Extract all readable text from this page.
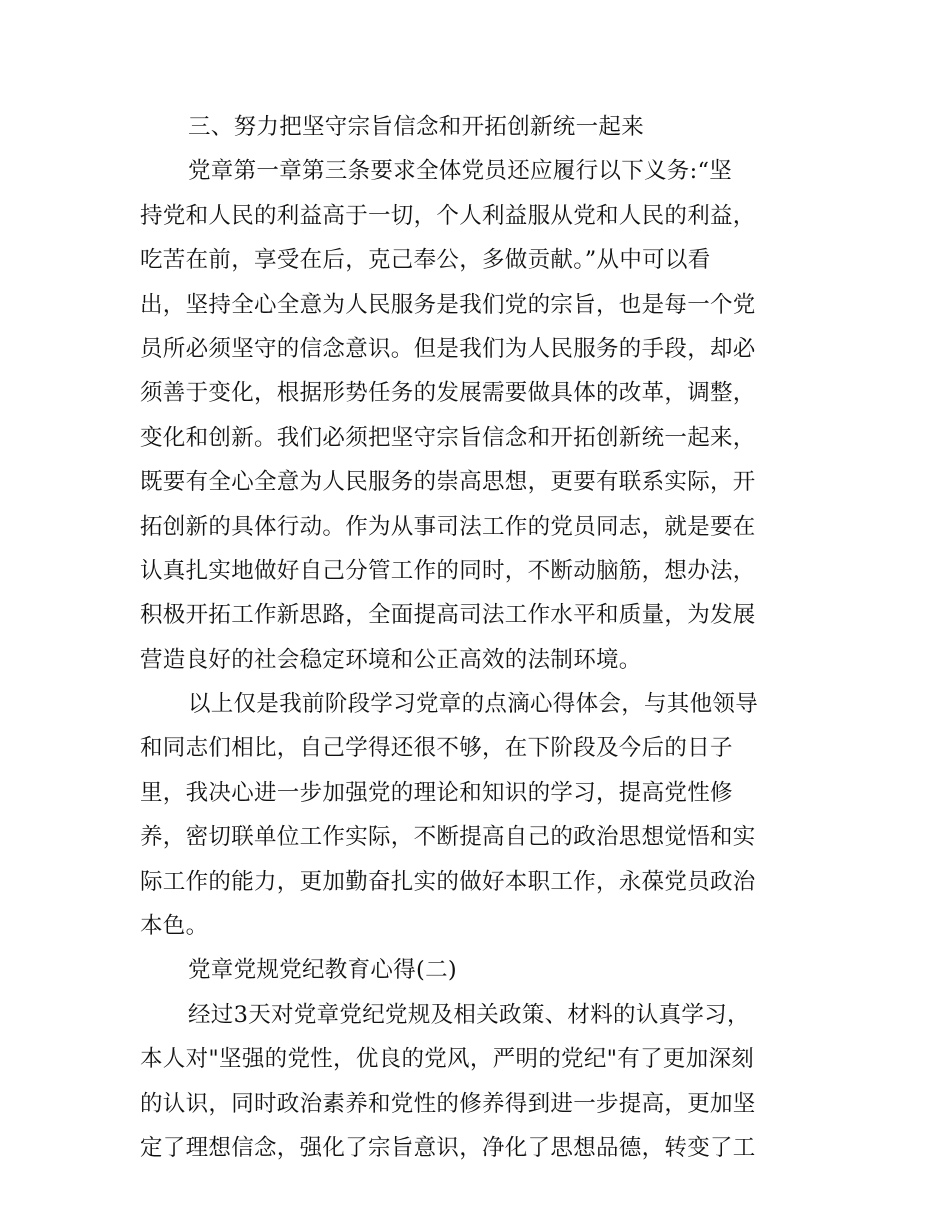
三、努力把坚守宗旨信念和开拓创新统一起来
党章第一章第三条要求全体党员还应履行以下义务:“坚
持党和人民的利益高于一切，个人利益服从党和人民的利益，
吃苦在前，享受在后，克己奉公，多做贡献。”从中可以看
出，坚持全心全意为人民服务是我们党的宗旨，也是每一个党
员所必须坚守的信念意识。但是我们为人民服务的手段，却必
须善于变化，根据形势任务的发展需要做具体的改革，调整，
变化和创新。我们必须把坚守宗旨信念和开拓创新统一起来，
既要有全心全意为人民服务的崇高思想，更要有联系实际，开
拓创新的具体行动。作为从事司法工作的党员同志，就是要在
认真扎实地做好自己分管工作的同时，不断动脑筋，想办法，
积极开拓工作新思路，全面提高司法工作水平和质量，为发展
营造良好的社会稳定环境和公正高效的法制环境。
以上仅是我前阶段学习党章的点滴心得体会，与其他领导
和同志们相比，自己学得还很不够，在下阶段及今后的日子
里，我决心进一步加强党的理论和知识的学习，提高党性修
养，密切联单位工作实际，不断提高自己的政治思想觉悟和实
际工作的能力，更加勤奋扎实的做好本职工作，永葆党员政治
本色。
党章党规党纪教育心得(二)
经过3天对党章党纪党规及相关政策、材料的认真学习，
本人对"坚强的党性，优良的党风，严明的党纪"有了更加深刻
的认识，同时政治素养和党性的修养得到进一步提高，更加坚
定了理想信念，强化了宗旨意识，净化了思想品德，转变了工
